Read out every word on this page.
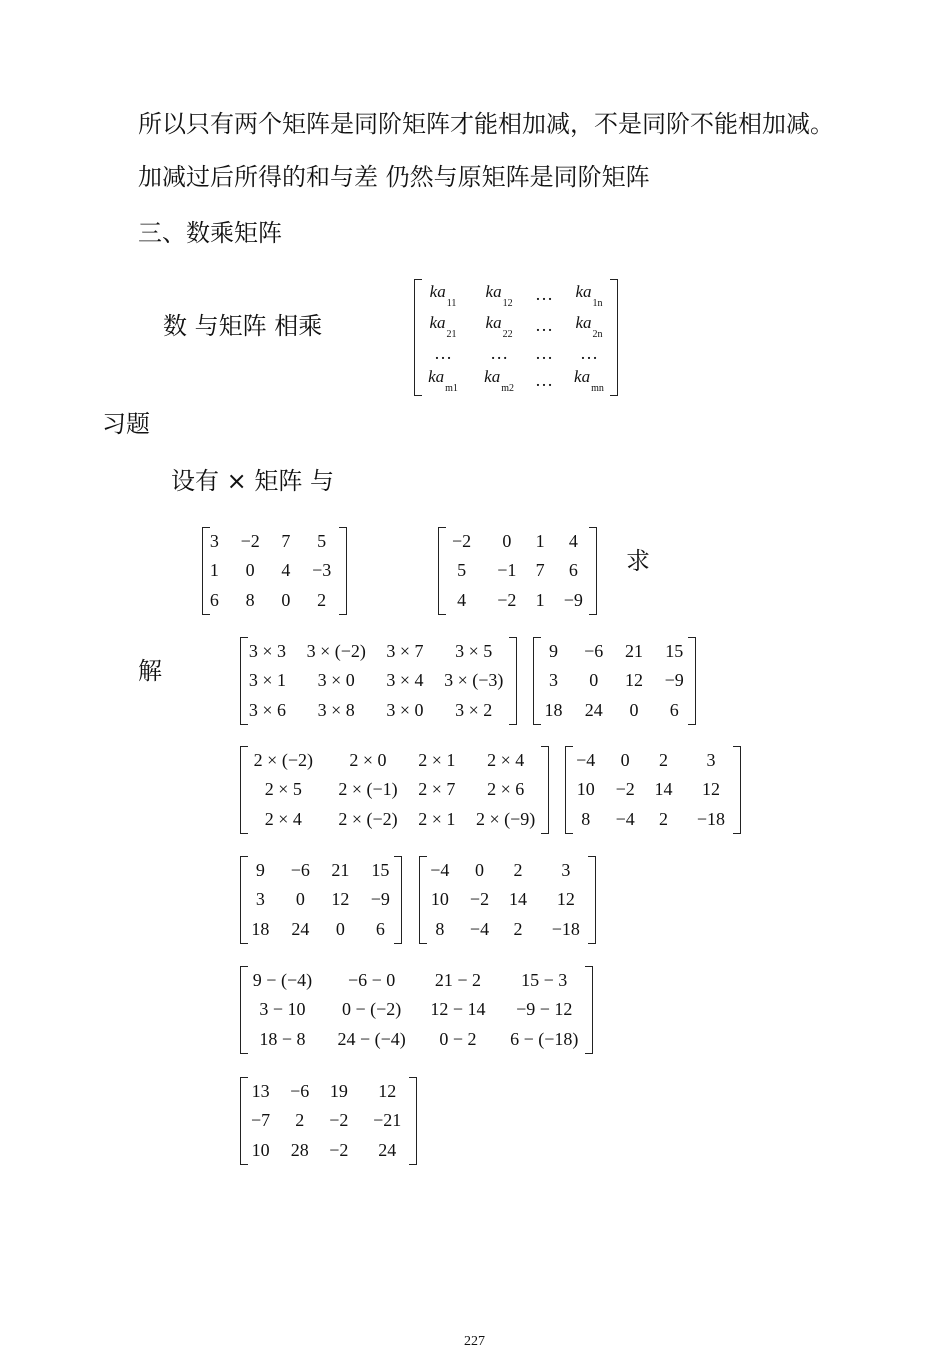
所以只有两个矩阵是同阶矩阵才能相加减，不是同阶不能相加减。
加减过后所得的和与差 仍然与原矩阵是同阶矩阵
三、数乘矩阵
数 与矩阵 相乘
$ka_{11}$	$ka_{12}$	…	$ka_{1n}$
$ka_{21}$	$ka_{22}$	…	$ka_{2n}$
…	…	…	…
$ka_{m1}$	$ka_{m2}$	…	$ka_{mn}$
习题
设有 × 矩阵 与
3	−2	7	5
1	0	4	−3
6	8	0	2
−2	0	1	4
5	−1	7	6
4	−2	1	−9
求
解
3 × 3	3 × (−2)	3 × 7	3 × 5
3 × 1	3 × 0	3 × 4	3 × (−3)
3 × 6	3 × 8	3 × 0	3 × 2
9	−6	21	15
3	0	12	−9
18	24	0	6
2 × (−2)	2 × 0	2 × 1	2 × 4
2 × 5	2 × (−1)	2 × 7	2 × 6
2 × 4	2 × (−2)	2 × 1	2 × (−9)
−4	0	2	3
10	−2	14	12
8	−4	2	−18
9	−6	21	15
3	0	12	−9
18	24	0	6
−4	0	2	3
10	−2	14	12
8	−4	2	−18
9 − (−4)	−6 − 0	21 − 2	15 − 3
3 − 10	0 − (−2)	12 − 14	−9 − 12
18 − 8	24 − (−4)	0 − 2	6 − (−18)
13	−6	19	12
−7	2	−2	−21
10	28	−2	24
227
